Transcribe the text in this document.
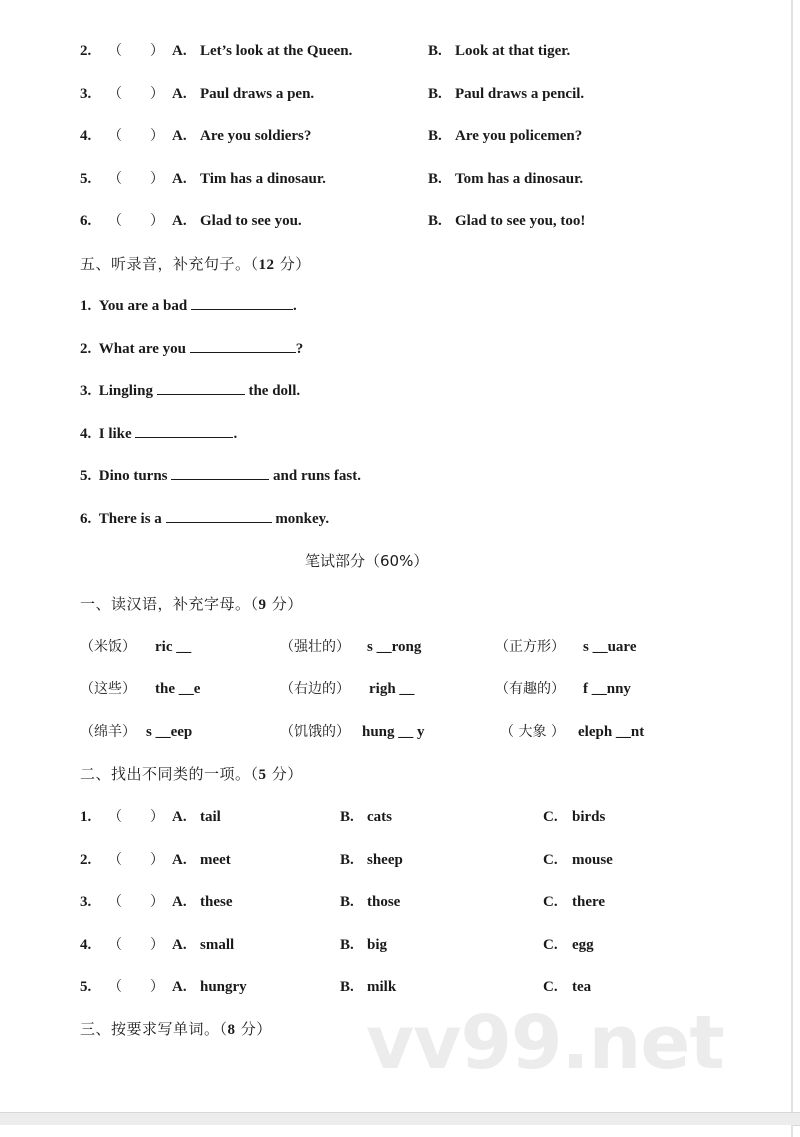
2. （　　） A. Let’s look at the Queen.	B. Look at that tiger.
3. （　　） A. Paul draws a pen.	B. Paul draws a pencil.
4. （　　） A. Are you soldiers?	B. Are you policemen?
5. （　　） A. Tim has a dinosaur.	B. Tom has a dinosaur.
6. （　　） A. Glad to see you.	B. Glad to see you, too!
五、听录音，补充句子。（12 分）
1. You are a bad	.
2. What are you	?
3. Lingling	the doll.
4. I like	.
5. Dino turns	and runs fast.
6. There is a	monkey.
笔试部分（60%）
一、读汉语，补充字母。（9 分）
（米饭） ric __	（强壮的） s __rong	（正方形） s __uare
（这些） the __e	（右边的） righ __	（有趣的） f __nny
（绵羊） s __eep	（饥饿的） hung __ y	（ 大象 ） eleph __nt
二、找出不同类的一项。（5 分）
1. （　　） A. tail	B. cats	C. birds
2. （　　） A. meet	B. sheep	C. mouse
3. （　　） A. these	B. those	C. there
4. （　　） A. small	B. big	C. egg
5. （　　） A. hungry	B. milk	C. tea
三、按要求写单词。（8 分） vv99.net
